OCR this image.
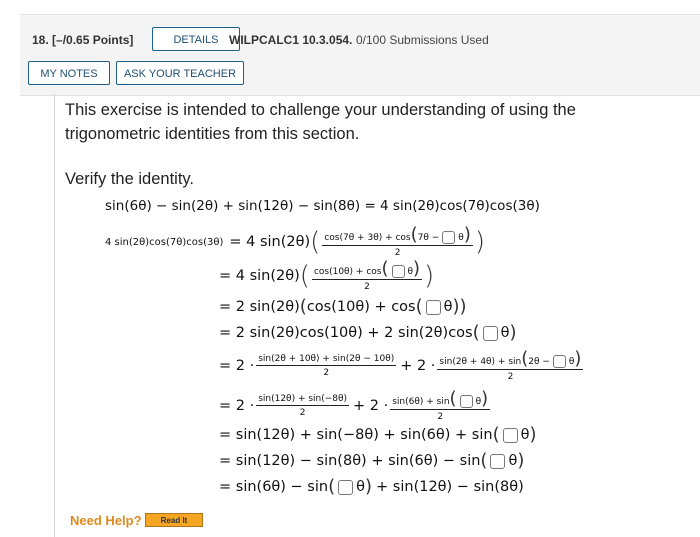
18. [–/0.65 Points]	DETAILS WILPCALC1 10.3.054. 0/100 Submissions Used
MY NOTES	ASK YOUR TEACHER
This exercise is intended to challenge your understanding of using the trigonometric identities from this section.
Verify the identity.
sin(6θ) − sin(2θ) + sin(12θ) − sin(8θ) = 4 sin(2θ)cos(7θ)cos(3θ)
4 sin(2θ)cos(7θ)cos(3θ) = 4 sin(2θ) ( $\frac{\cos(7\theta + 3\theta) + \cos(7\theta - \theta)}{2}$ )
= 4 sin(2θ) ( $\frac{\cos(10\theta) + \cos( \theta)}{2}$ )
= 2 sin(2θ) ( cos(10θ) + cos ( θ ))
= 2 sin(2θ)cos(10θ) + 2 sin(2θ)cos ( θ )
= $2 \cdot \frac{\sin(2\theta + 10\theta) + \sin(2\theta - 10\theta)}{2} + 2 \cdot \frac{\sin(2\theta + 4\theta) + \sin(2\theta - \theta)}{2}$
= $2 \cdot \frac{\sin(12\theta) + \sin(-8\theta)}{2} + 2 \cdot \frac{\sin(6\theta) + \sin( \theta)}{2}$
= sin(12θ) + sin(−8θ) + sin(6θ) + sin ( θ )
= sin(12θ) − sin(8θ) + sin(6θ) − sin ( θ )
= sin(6θ) − sin ( θ ) + sin(12θ) − sin(8θ)
Need Help?	Read It
